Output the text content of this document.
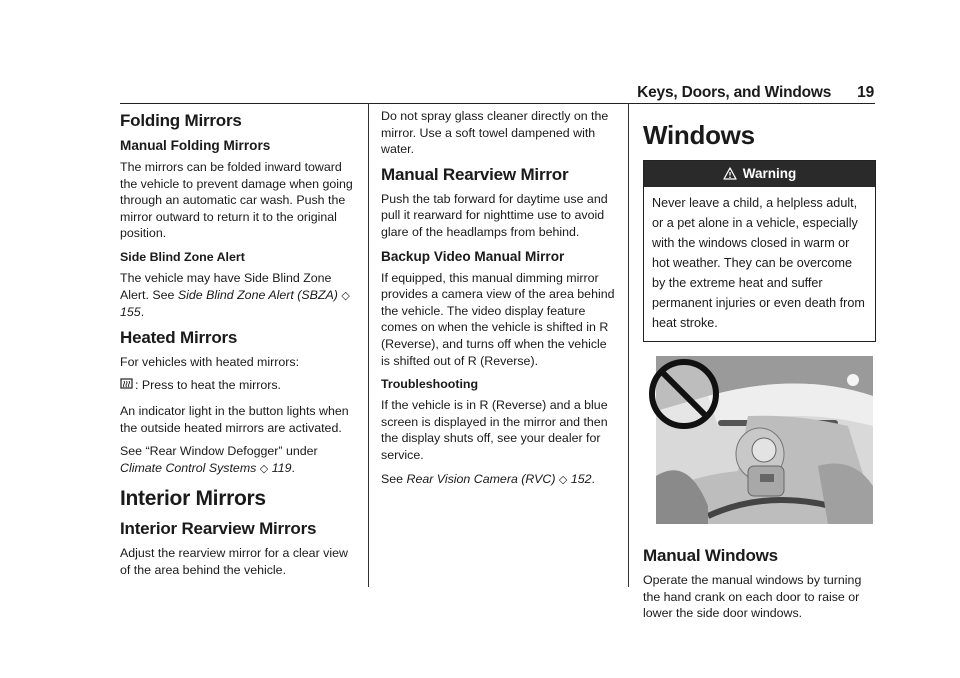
Keys, Doors, and Windows 19
Folding Mirrors
Manual Folding Mirrors

The mirrors can be folded inward toward the vehicle to prevent damage when going through an automatic car wash. Push the mirror outward to return it to the original position.

Side Blind Zone Alert

The vehicle may have Side Blind Zone Alert. See Side Blind Zone Alert (SBZA) ◇ 155.

Heated Mirrors

For vehicles with heated mirrors:

: Press to heat the mirrors.

An indicator light in the button lights when the outside heated mirrors are activated.

See “Rear Window Defogger” under Climate Control Systems ◇ 119.

Interior Mirrors
Interior Rearview Mirrors

Adjust the rearview mirror for a clear view of the area behind the vehicle.

Do not spray glass cleaner directly on the mirror. Use a soft towel dampened with water.

Manual Rearview Mirror

Push the tab forward for daytime use and pull it rearward for nighttime use to avoid glare of the headlamps from behind.

Backup Video Manual Mirror

If equipped, this manual dimming mirror provides a camera view of the area behind the vehicle. The video display feature comes on when the vehicle is shifted in R (Reverse), and turns off when the vehicle is shifted out of R (Reverse).

Troubleshooting

If the vehicle is in R (Reverse) and a blue screen is displayed in the mirror and then the display shuts off, see your dealer for service.

See Rear Vision Camera (RVC) ◇ 152.

Windows
Warning
Never leave a child, a helpless adult, or a pet alone in a vehicle, especially with the windows closed in warm or hot weather. They can be overcome by the extreme heat and suffer permanent injuries or even death from heat stroke.
Manual Windows

Operate the manual windows by turning the hand crank on each door to raise or lower the side door windows.
